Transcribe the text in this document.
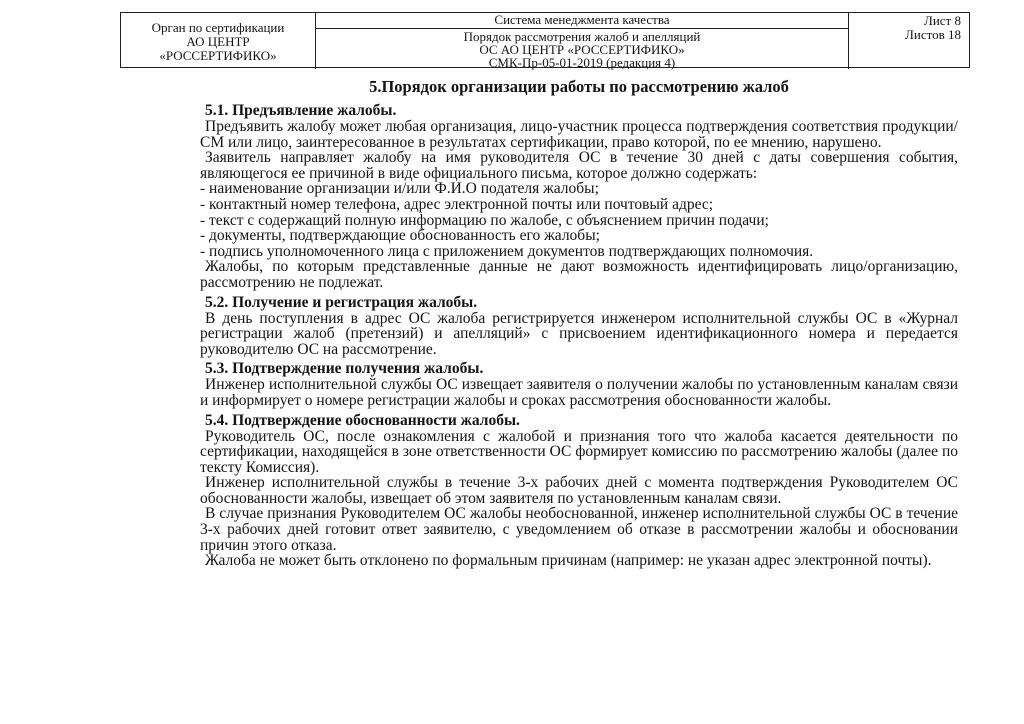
Орган по сертификации
АО ЦЕНТР
«РОССЕРТИФИКО»
Система менеджмента качества
Порядок рассмотрения жалоб и апелляций
ОС АО ЦЕНТР «РОССЕРТИФИКО»
СМК-Пр-05-01-2019 (редакция 4)
Лист 8
Листов 18
5.Порядок организации работы по рассмотрению жалоб
5.1. Предъявление жалобы.

Предъявить жалобу может любая организация, лицо-участник процесса подтверждения соответствия продукции/СМ или лицо, заинтересованное в результатах сертификации, право которой, по ее мнению, нарушено.

Заявитель направляет жалобу на имя руководителя ОС в течение 30 дней с даты совершения события, являющегося ее причиной в виде официального письма, которое должно содержать:

- наименование организации и/или Ф.И.О подателя жалобы;

- контактный номер телефона, адрес электронной почты или почтовый адрес;

- текст с содержащий полную информацию по жалобе, с объяснением причин подачи;

- документы, подтверждающие обоснованность его жалобы;

- подпись уполномоченного лица с приложением документов подтверждающих полномочия.

Жалобы, по которым представленные данные не дают возможность идентифицировать лицо/организацию, рассмотрению не подлежат.

5.2. Получение и регистрация жалобы.

В день поступления в адрес ОС жалоба регистрируется инженером исполнительной службы ОС в «Журнал регистрации жалоб (претензий) и апелляций» с присвоением идентификационного номера и передается руководителю ОС на рассмотрение.

5.3. Подтверждение получения жалобы.

Инженер исполнительной службы ОС извещает заявителя о получении жалобы по установленным каналам связи и информирует о номере регистрации жалобы и сроках рассмотрения обоснованности жалобы.

5.4. Подтверждение обоснованности жалобы.

Руководитель ОС, после ознакомления с жалобой и признания того что жалоба касается деятельности по сертификации, находящейся в зоне ответственности ОС формирует комиссию по рассмотрению жалобы (далее по тексту Комиссия).

Инженер исполнительной службы в течение 3-х рабочих дней с момента подтверждения Руководителем ОС обоснованности жалобы, извещает об этом заявителя по установленным каналам связи.

В случае признания Руководителем ОС жалобы необоснованной, инженер исполнительной службы ОС в течение 3-х рабочих дней готовит ответ заявителю, с уведомлением об отказе в рассмотрении жалобы и обосновании причин этого отказа.

Жалоба не может быть отклонено по формальным причинам (например: не указан адрес электронной почты).
